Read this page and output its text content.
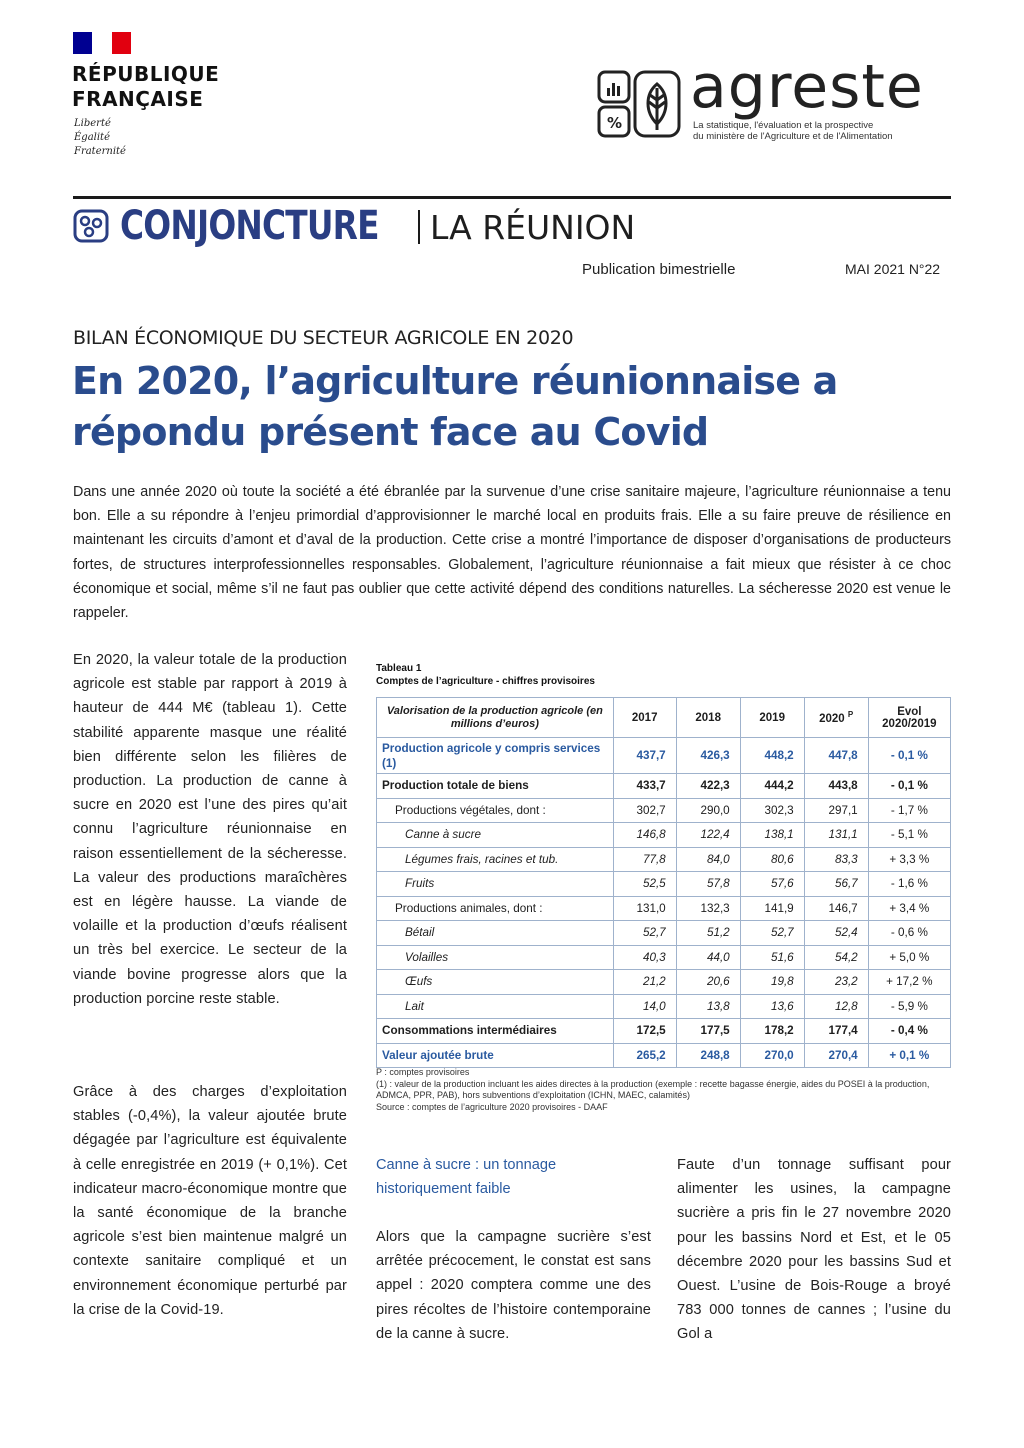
RÉPUBLIQUE
FRANÇAISE
Liberté
Égalité
Fraternité
%
agreste
La statistique, l'évaluation et la prospective
du ministère de l'Agriculture et de l'Alimentation
CONJONCTURE LA RÉUNION
Publication bimestrielle	MAI 2021 N°22
BILAN ÉCONOMIQUE DU SECTEUR AGRICOLE EN 2020
En 2020, l’agriculture réunionnaise a répondu présent face au Covid

Dans une année 2020 où toute la société a été ébranlée par la survenue d’une crise sanitaire majeure, l’agriculture réunionnaise a tenu bon. Elle a su répondre à l’enjeu primordial d’approvisionner le marché local en produits frais. Elle a su faire preuve de résilience en maintenant les circuits d’amont et d’aval de la production. Cette crise a montré l’importance de disposer d’organisations de producteurs fortes, de structures interprofessionnelles responsables. Globalement, l’agriculture réunionnaise a fait mieux que résister à ce choc économique et social, même s’il ne faut pas oublier que cette activité dépend des conditions naturelles. La sécheresse 2020 est venue le rappeler.

En 2020, la valeur totale de la production agricole est stable par rapport à 2019 à hauteur de 444 M€ (tableau 1). Cette stabilité apparente masque une réalité bien différente selon les filières de production. La production de canne à sucre en 2020 est l’une des pires qu’ait connu l’agriculture réunionnaise en raison essentiellement de la sécheresse. La valeur des productions maraîchères est en légère hausse. La viande de volaille et la production d’œufs réalisent un très bel exercice. Le secteur de la viande bovine progresse alors que la production porcine reste stable.

Grâce à des charges d’exploitation stables (-0,4%), la valeur ajoutée brute dégagée par l’agriculture est équivalente à celle enregistrée en 2019 (+ 0,1%). Cet indicateur macro-économique montre que la santé économique de la branche agricole s’est bien maintenue malgré un contexte sanitaire compliqué et un environnement économique perturbé par la crise de la Covid-19.

Tableau 1
Comptes de l’agriculture - chiffres provisoires
Valorisation de la production agricole (en millions d’euros)	2017	2018	2019	2020 $^P$	Evol 2020/2019
Production agricole y compris services (1)	437,7	426,3	448,2	447,8	- 0,1 %
Production totale de biens	433,7	422,3	444,2	443,8	- 0,1 %
Productions végétales, dont :	302,7	290,0	302,3	297,1	- 1,7 %
Canne à sucre	146,8	122,4	138,1	131,1	- 5,1 %
Légumes frais, racines et tub.	77,8	84,0	80,6	83,3	+ 3,3 %
Fruits	52,5	57,8	57,6	56,7	- 1,6 %
Productions animales, dont :	131,0	132,3	141,9	146,7	+ 3,4 %
Bétail	52,7	51,2	52,7	52,4	- 0,6 %
Volailles	40,3	44,0	51,6	54,2	+ 5,0 %
Œufs	21,2	20,6	19,8	23,2	+ 17,2 %
Lait	14,0	13,8	13,6	12,8	- 5,9 %
Consommations intermédiaires	172,5	177,5	178,2	177,4	- 0,4 %
Valeur ajoutée brute	265,2	248,8	270,0	270,4	+ 0,1 %
P : comptes provisoires
(1) : valeur de la production incluant les aides directes à la production (exemple : recette bagasse énergie, aides du POSEI à la production, ADMCA, PPR, PAB), hors subventions d’exploitation (ICHN, MAEC, calamités)
Source : comptes de l’agriculture 2020 provisoires - DAAF

Canne à sucre : un tonnage historiquement faible

Alors que la campagne sucrière s’est arrêtée précocement, le constat est sans appel : 2020 comptera comme une des pires récoltes de l’histoire contemporaine de la canne à sucre.

Faute d’un tonnage suffisant pour alimenter les usines, la campagne sucrière a pris fin le 27 novembre 2020 pour les bassins Nord et Est, et le 05 décembre 2020 pour les bassins Sud et Ouest. L’usine de Bois-Rouge a broyé 783 000 tonnes de cannes ; l’usine du Gol a
